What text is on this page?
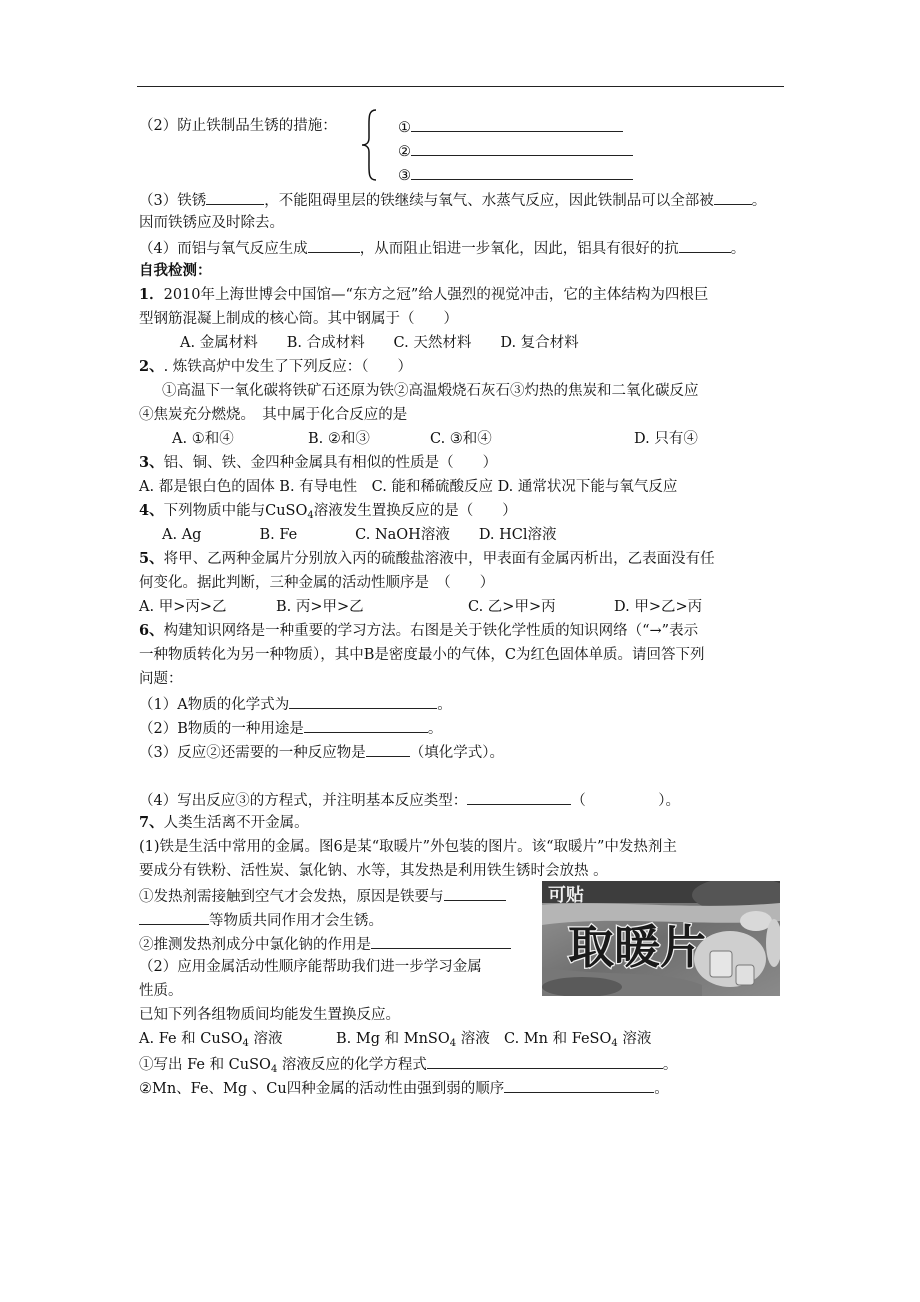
（2）防止铁制品生锈的措施：	①
②
③
（3）铁锈	，不能阻碍里层的铁继续与氧气、水蒸气反应，因此铁制品可以全部被	。
因而铁锈应及时除去。
（4）而铝与氧气反应生成	，从而阻止铝进一步氧化，因此，铝具有很好的抗	。
自我检测：
1．2010年上海世博会中国馆—“东方之冠”给人强烈的视觉冲击，它的主体结构为四根巨
型钢筋混凝上制成的核心筒。其中钢属于（　　）
A. 金属材料　　B. 合成材料　　C. 天然材料　　D. 复合材料
2、. 炼铁高炉中发生了下列反应：（　　）
①高温下一氧化碳将铁矿石还原为铁②高温煅烧石灰石③灼热的焦炭和二氧化碳反应
④焦炭充分燃烧。　其中属于化合反应的是
A. ①和④	B. ②和③	C. ③和④	D. 只有④
3、铝、铜、铁、金四种金属具有相似的性质是（　　）
A. 都是银白色的固体 B. 有导电性　C. 能和稀硫酸反应 D. 通常状况下能与氧气反应
4、下列物质中能与CuSO$_4$溶液发生置换反应的是（　　）
A. Ag　　　　B. Fe　　　　C. NaOH溶液　　D. HCl溶液
5、将甲、乙两种金属片分别放入丙的硫酸盐溶液中，甲表面有金属丙析出，乙表面没有任
何变化。据此判断，三种金属的活动性顺序是　（　　）
A. 甲>丙>乙	B. 丙>甲>乙	C. 乙>甲>丙	D. 甲>乙>丙
6、构建知识网络是一种重要的学习方法。右图是关于铁化学性质的知识网络（“→”表示
一种物质转化为另一种物质），其中B是密度最小的气体，C为红色固体单质。请回答下列
问题：
（1）A物质的化学式为	。
（2）B物质的一种用途是	。
（3）反应②还需要的一种反应物是	（填化学式）。
（4）写出反应③的方程式，并注明基本反应类型：	（　　　　　）。
7、人类生活离不开金属。
(1)铁是生活中常用的金属。图6是某“取暖片”外包装的图片。该“取暖片”中发热剂主
要成分有铁粉、活性炭、氯化钠、水等，其发热是利用铁生锈时会放热 。
①发热剂需接触到空气才会发热，原因是铁要与
等物质共同作用才会生锈。
②推测发热剂成分中氯化钠的作用是
（2）应用金属活动性顺序能帮助我们进一步学习金属
性质。
已知下列各组物质间均能发生置换反应。
A. Fe 和 CuSO$_4$ 溶液	B. Mg 和 MnSO$_4$ 溶液 C. Mn 和 FeSO$_4$ 溶液
①写出 Fe 和 CuSO$_4$ 溶液反应的化学方程式	。
②Mn、Fe、Mg 、Cu四种金属的活动性由强到弱的顺序	。
可贴
取暖片
